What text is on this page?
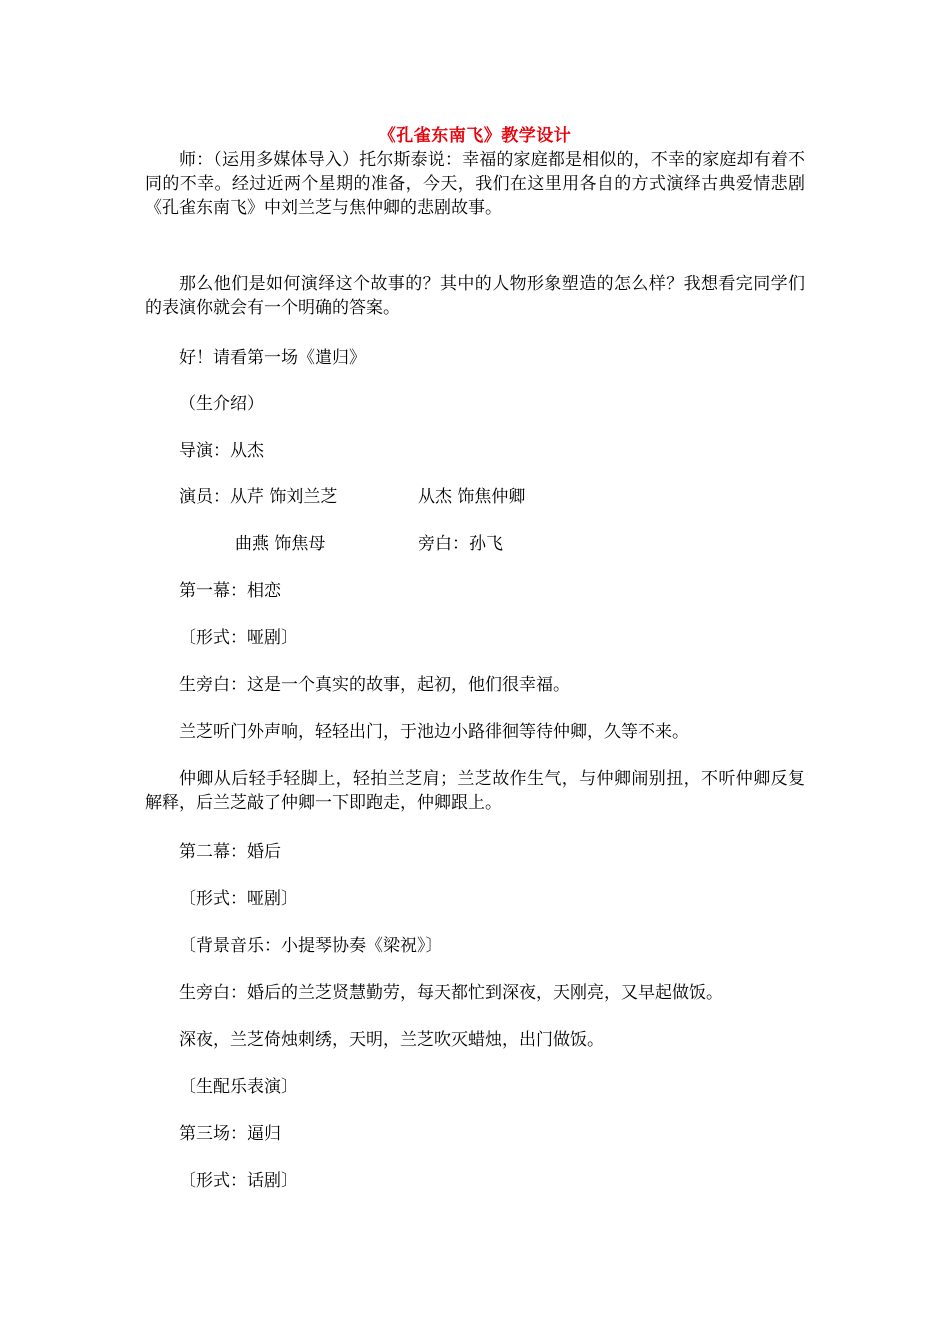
《孔雀东南飞》教学设计
师：（运用多媒体导入）托尔斯泰说：幸福的家庭都是相似的，不幸的家庭却有着不同的不幸。经过近两个星期的准备，今天，我们在这里用各自的方式演绎古典爱情悲剧《孔雀东南飞》中刘兰芝与焦仲卿的悲剧故事。
那么他们是如何演绎这个故事的？其中的人物形象塑造的怎么样？我想看完同学们的表演你就会有一个明确的答案。
好！请看第一场《遣归》
（生介绍）
导演：从杰
演员：从芹 饰刘兰芝	从杰 饰焦仲卿
曲燕 饰焦母	旁白：孙飞
第一幕：相恋
〔形式：哑剧〕
生旁白：这是一个真实的故事，起初，他们很幸福。
兰芝听门外声响，轻轻出门，于池边小路徘徊等待仲卿，久等不来。
仲卿从后轻手轻脚上，轻拍兰芝肩；兰芝故作生气，与仲卿闹别扭，不听仲卿反复解释，后兰芝敲了仲卿一下即跑走，仲卿跟上。
第二幕：婚后
〔形式：哑剧〕
〔背景音乐：小提琴协奏《梁祝》〕
生旁白：婚后的兰芝贤慧勤劳，每天都忙到深夜，天刚亮，又早起做饭。
深夜，兰芝倚烛刺绣，天明，兰芝吹灭蜡烛，出门做饭。
〔生配乐表演〕
第三场：逼归
〔形式：话剧〕
